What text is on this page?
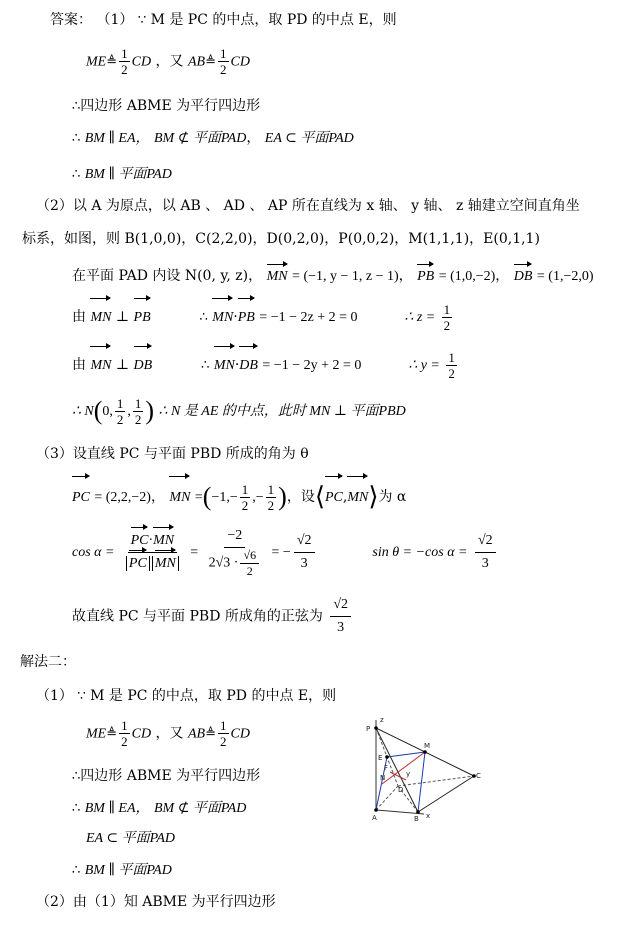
答案： （1） ∵ M 是 PC 的中点，取 PD 的中点 E，则
ME≜ $\frac{1}{2}$ CD ，又 AB≜ $\frac{1}{2}$ CD
∴四边形 ABME 为平行四边形
∴ BM ∥ EA， BM ⊄ 平面PAD， EA ⊂ 平面PAD
∴ BM ∥ 平面PAD
（2）以 A 为原点，以 AB 、 AD 、 AP 所在直线为 x 轴、 y 轴、 z 轴建立空间直角坐
标系，如图，则 B(1,0,0)，C(2,2,0)，D(0,2,0)，P(0,0,2)，M(1,1,1)，E(0,1,1)
在平面 PAD 内设 N(0, y, z)， MN = (−1, y − 1, z − 1)， PB = (1,0,−2)， DB = (1,−2,0)
由 MN ⊥ PB	∴ MN·PB = −1 − 2z + 2 = 0	∴ $z = \frac{1}{2}$
由 MN ⊥ DB	∴ MN·DB = −1 − 2y + 2 = 0	∴ $y = \frac{1}{2}$
∴ N(0, $\frac{1}{2}$ , $\frac{1}{2}$ ) ∴ N 是 AE 的中点，此时 MN ⊥ 平面PBD
（3）设直线 PC 与平面 PBD 所成的角为 θ
PC = (2,2,−2)， MN $=(-1,- \frac{1}{2}$ ,− $\frac{1}{2}$ )，设⟨PC,MN⟩为 α
cos α =
PC·MN
PC MN
= $\frac{-2}{2√3 \cdot \frac{√6}{2}}$ = − $\frac{√2}{3}$	sin θ = −cos $\alpha = \frac{√2}{3}$
故直线 PC 与平面 PBD 所成角的正弦为 $\frac{√2}{3}$
解法二：
（1） ∵ M 是 PC 的中点，取 PD 的中点 E，则
ME≜ $\frac{1}{2}$ CD ，又 AB≜ $\frac{1}{2}$ CD
∴四边形 ABME 为平行四边形
∴ BM ∥ EA， BM ⊄ 平面PAD
EA ⊂ 平面PAD
∴ BM ∥ 平面PAD
（2）由（1）知 ABME 为平行四边形
z
P
E
M
F
N
D
C
A	B x
y
